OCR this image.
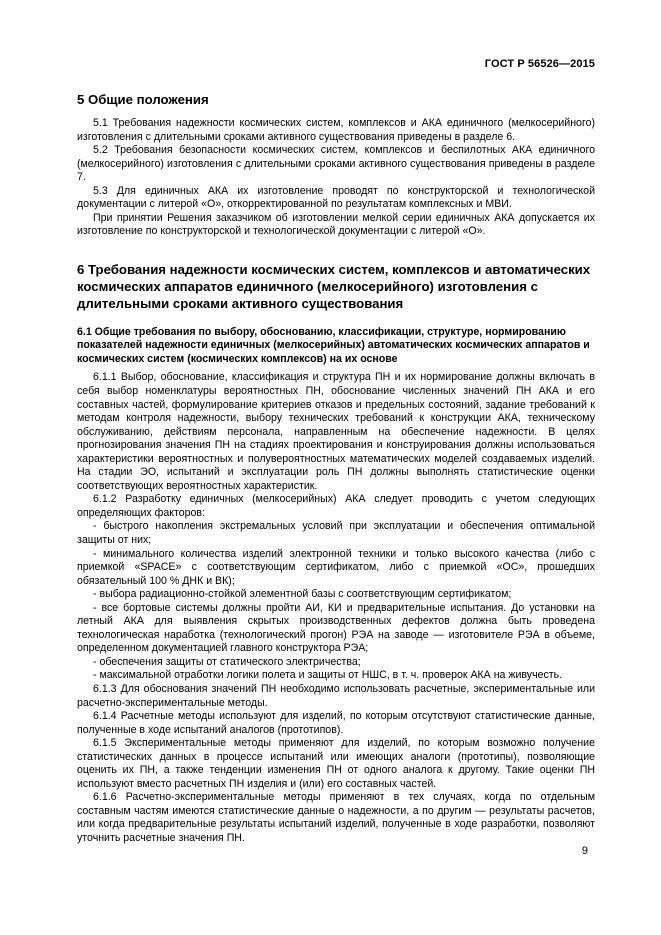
ГОСТ Р 56526—2015
5 Общие положения

5.1 Требования надежности космических систем, комплексов и АКА единичного (мелкосерийного) изготовления с длительными сроками активного существования приведены в разделе 6.

5.2 Требования безопасности космических систем, комплексов и беспилотных АКА единичного (мелкосерийного) изготовления с длительными сроками активного существования приведены в разделе 7.

5.3 Для единичных АКА их изготовление проводят по конструкторской и технологической документации с литерой «О», откорректированной по результатам комплексных и МВИ.

При принятии Решения заказчиком об изготовлении мелкой серии единичных АКА допускается их изготовление по конструкторской и технологической документации с литерой «О».

6 Требования надежности космических систем, комплексов и автоматических космических аппаратов единичного (мелкосерийного) изготовления с длительными сроками активного существования
6.1 Общие требования по выбору, обоснованию, классификации, структуре, нормированию показателей надежности единичных (мелкосерийных) автоматических космических аппаратов и космических систем (космических комплексов) на их основе

6.1.1 Выбор, обоснование, классификация и структура ПН и их нормирование должны включать в себя выбор номенклатуры вероятностных ПН, обоснование численных значений ПН АКА и его составных частей, формулирование критериев отказов и предельных состояний, задание требований к методам контроля надежности, выбору технических требований к конструкции АКА, техническому обслуживанию, действиям персонала, направленным на обеспечение надежности. В целях прогнозирования значения ПН на стадиях проектирования и конструирования должны использоваться характеристики вероятностных и полувероятностных математических моделей создаваемых изделий. На стадии ЭО, испытаний и эксплуатации роль ПН должны выполнять статистические оценки соответствующих вероятностных характеристик.

6.1.2 Разработку единичных (мелкосерийных) АКА следует проводить с учетом следующих определяющих факторов:

- быстрого накопления экстремальных условий при эксплуатации и обеспечения оптимальной защиты от них;

- минимального количества изделий электронной техники и только высокого качества (либо с приемкой «SPACE» с соответствующим сертификатом, либо с приемкой «ОС», прошедших обязательный 100 % ДНК и ВК);

- выбора радиационно-стойкой элементной базы с соответствующим сертификатом;

- все бортовые системы должны пройти АИ, КИ и предварительные испытания. До установки на летный АКА для выявления скрытых производственных дефектов должна быть проведена технологическая наработка (технологический прогон) РЭА на заводе — изготовителе РЭА в объеме, определенном документацией главного конструктора РЭА;

- обеспечения защиты от статического электричества;

- максимальной отработки логики полета и защиты от НШС, в т. ч. проверок АКА на живучесть.

6.1.3 Для обоснования значений ПН необходимо использовать расчетные, экспериментальные или расчетно-экспериментальные методы.

6.1.4 Расчетные методы используют для изделий, по которым отсутствуют статистические данные, полученные в ходе испытаний аналогов (прототипов).

6.1.5 Экспериментальные методы применяют для изделий, по которым возможно получение статистических данных в процессе испытаний или имеющих аналоги (прототипы), позволяющие оценить их ПН, а также тенденции изменения ПН от одного аналога к другому. Такие оценки ПН используют вместо расчетных ПН изделия и (или) его составных частей.

6.1.6 Расчетно-экспериментальные методы применяют в тех случаях, когда по отдельным составным частям имеются статистические данные о надежности, а по другим — результаты расчетов, или когда предварительные результаты испытаний изделий, полученные в ходе разработки, позволяют уточнить расчетные значения ПН.

9
